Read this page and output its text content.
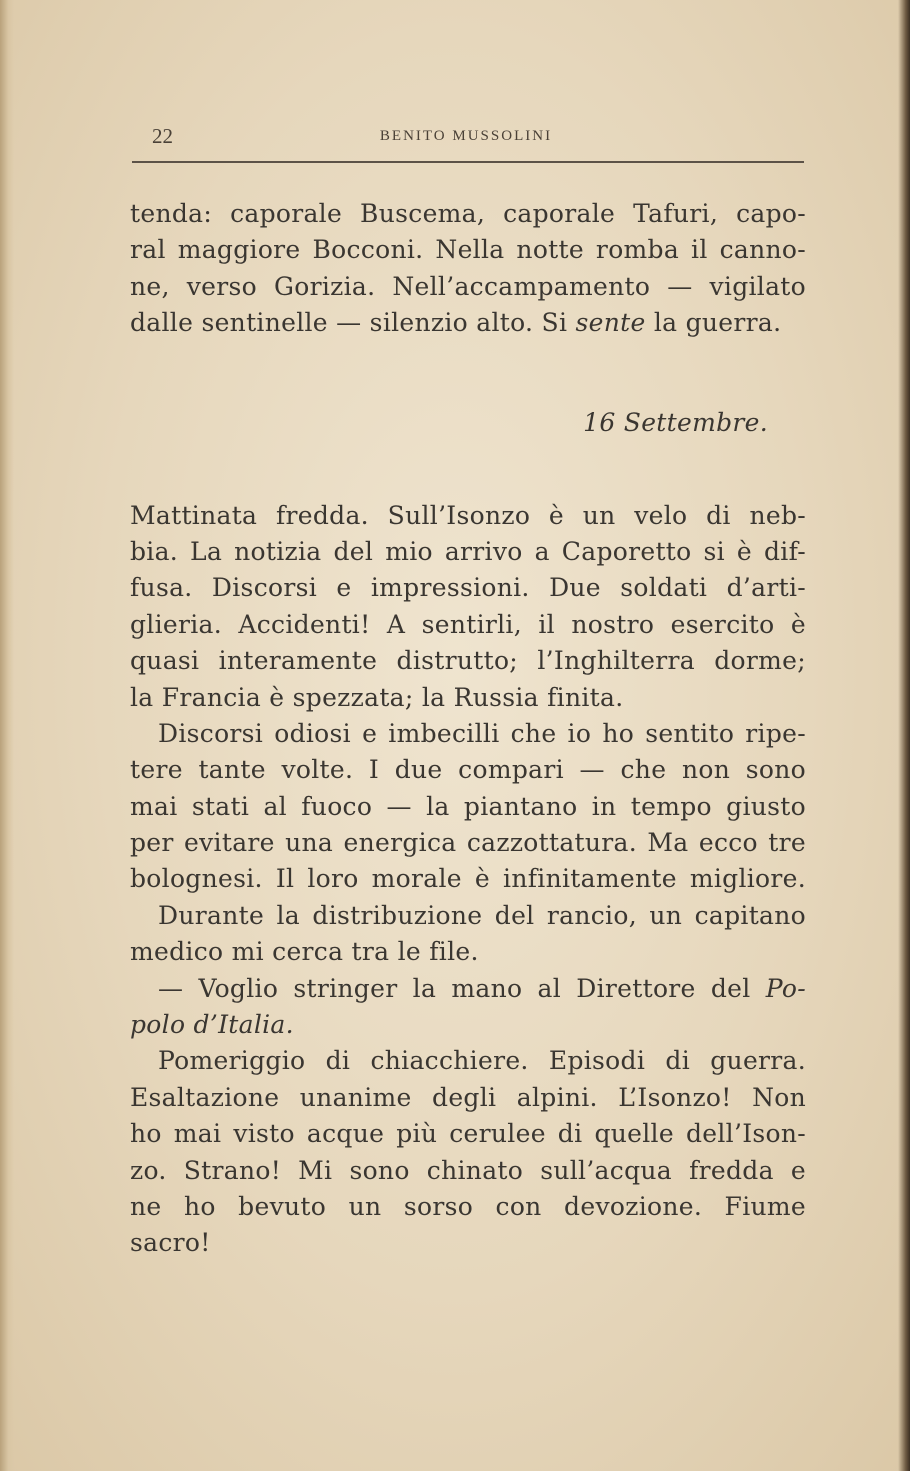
22	BENITO MUSSOLINI
tenda: caporale Buscema, caporale Tafuri, capo-
ral maggiore Bocconi. Nella notte romba il canno-
ne, verso Gorizia. Nell’accampamento — vigilato
dalle sentinelle — silenzio alto. Si sente la guerra.
16 Settembre.
Mattinata fredda. Sull’Isonzo è un velo di neb-
bia. La notizia del mio arrivo a Caporetto si è dif-
fusa. Discorsi e impressioni. Due soldati d’arti-
glieria. Accidenti! A sentirli, il nostro esercito è
quasi interamente distrutto; l’Inghilterra dorme;
la Francia è spezzata; la Russia finita.
Discorsi odiosi e imbecilli che io ho sentito ripe-
tere tante volte. I due compari — che non sono
mai stati al fuoco — la piantano in tempo giusto
per evitare una energica cazzottatura. Ma ecco tre
bolognesi. Il loro morale è infinitamente migliore.
Durante la distribuzione del rancio, un capitano
medico mi cerca tra le file.
— Voglio stringer la mano al Direttore del Po-
polo d’Italia.
Pomeriggio di chiacchiere. Episodi di guerra.
Esaltazione unanime degli alpini. L’Isonzo! Non
ho mai visto acque più cerulee di quelle dell’Ison-
zo. Strano! Mi sono chinato sull’acqua fredda e
ne ho bevuto un sorso con devozione. Fiume
sacro!
